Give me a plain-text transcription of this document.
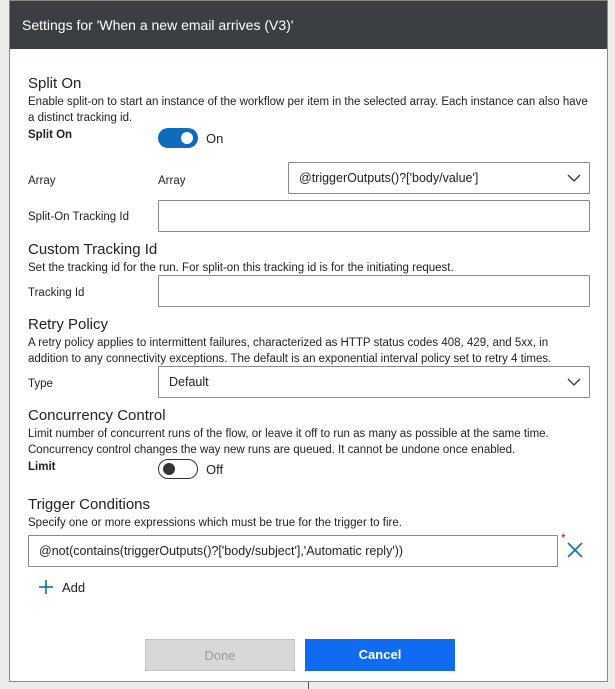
Settings for 'When a new email arrives (V3)'
Split On
Enable split-on to start an instance of the workflow per item in the selected array. Each instance can also have a distinct tracking id.
Split On	On
Array	Array	@triggerOutputs()?['body/value']
Split-On Tracking Id
Custom Tracking Id
Set the tracking id for the run. For split-on this tracking id is for the initiating request.
Tracking Id
Retry Policy
A retry policy applies to intermittent failures, characterized as HTTP status codes 408, 429, and 5xx, in addition to any connectivity exceptions. The default is an exponential interval policy set to retry 4 times.
Type	Default
Concurrency Control
Limit number of concurrent runs of the flow, or leave it off to run as many as possible at the same time. Concurrency control changes the way new runs are queued. It cannot be undone once enabled.
Limit	Off
Trigger Conditions
Specify one or more expressions which must be true for the trigger to fire.
@not(contains(triggerOutputs()?['body/subject'],'Automatic reply'))
*
Add
Done	Cancel
